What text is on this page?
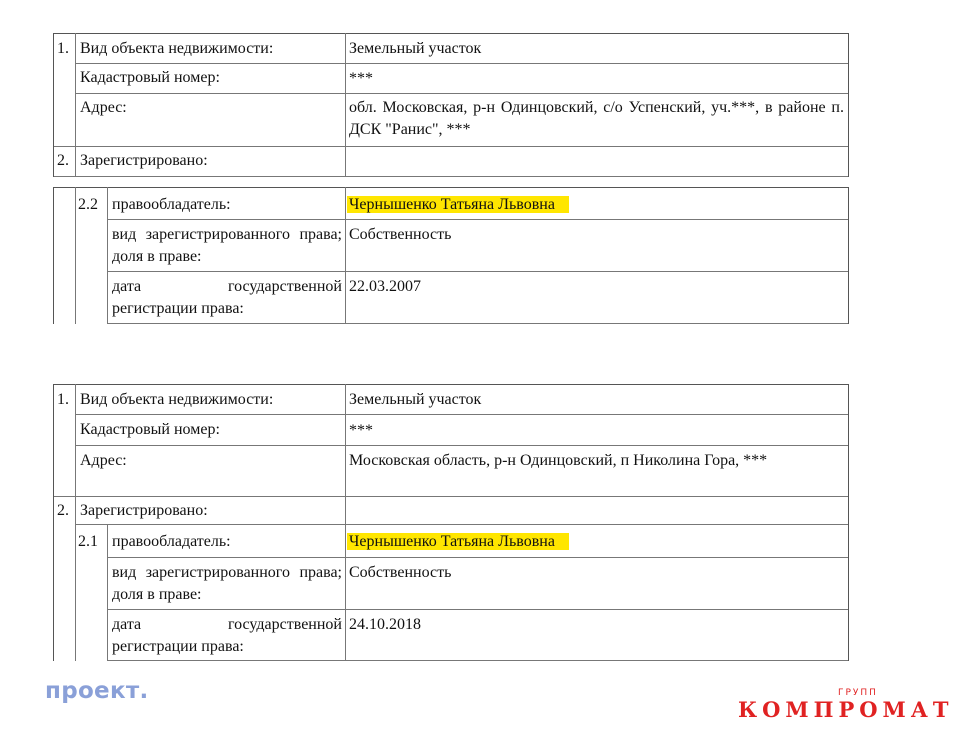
1. Вид объекта недвижимости:	Земельный участок
Кадастровый номер:	***
Адрес:	обл. Московская, р-н Одинцовский, с/о Успенский, уч.***, в районе п. ДСК "Ранис", ***
2. Зарегистрировано:
2.2 правообладатель:	Чернышенко Татьяна Львовна
вид зарегистрированного права; доля в праве:
Собственность
дата государственной регистрации права:
22.03.2007
1. Вид объекта недвижимости:	Земельный участок
Кадастровый номер:	***
Адрес:	Московская область, р-н Одинцовский, п Николина Гора, ***
2. Зарегистрировано:
2.1 правообладатель:	Чернышенко Татьяна Львовна
вид зарегистрированного права; доля в праве:
Собственность
дата государственной регистрации права:
24.10.2018
проект.	ГРУПП
КОМПРОМАТ
